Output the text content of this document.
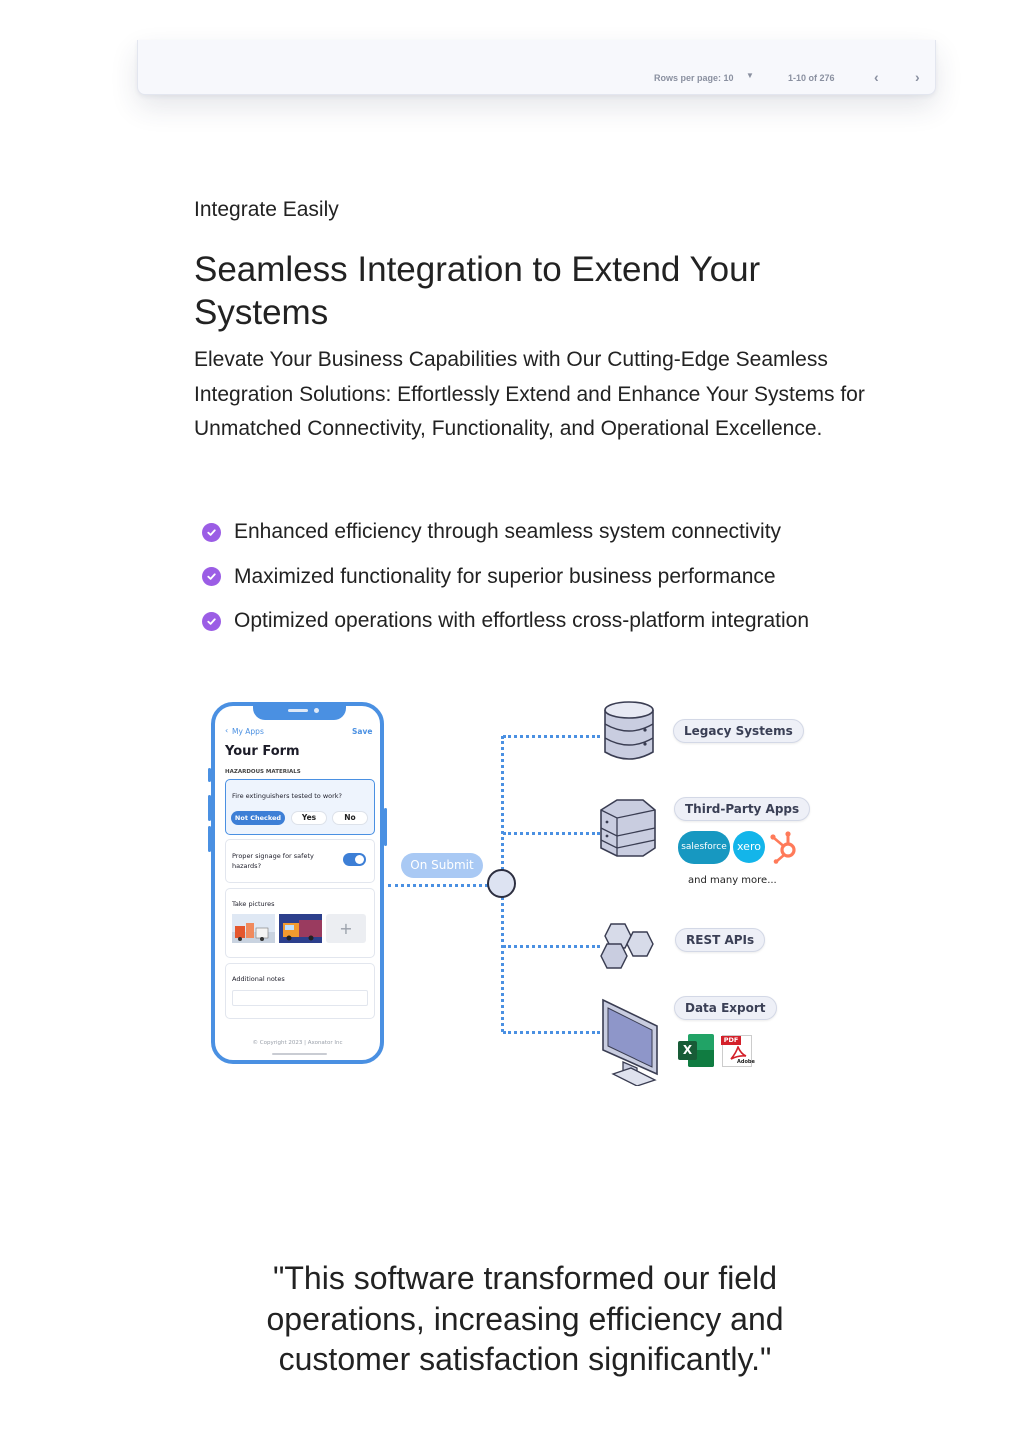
Rows per page: 10 ▼	1-10 of 276	‹	›
Integrate Easily
Seamless Integration to Extend Your Systems

Elevate Your Business Capabilities with Our Cutting-Edge Seamless Integration Solutions: Effortlessly Extend and Enhance Your Systems for Unmatched Connectivity, Functionality, and Operational Excellence.

Enhanced efficiency through seamless system connectivity
Maximized functionality for superior business performance
Optimized operations with effortless cross-platform integration
‹ My Apps	Save
Your Form
HAZARDOUS MATERIALS
Fire extinguishers tested to work?
Not Checked	Yes	No
Proper signage for safety hazards?
Take pictures
+
Additional notes
© Copyright 2023 | Axonator Inc
On Submit
Legacy Systems
Third-Party Apps
REST APIs
Data Export
salesforce xero
and many more...
X
PDF
Adobe

"This software transformed our field operations, increasing efficiency and customer satisfaction significantly."
